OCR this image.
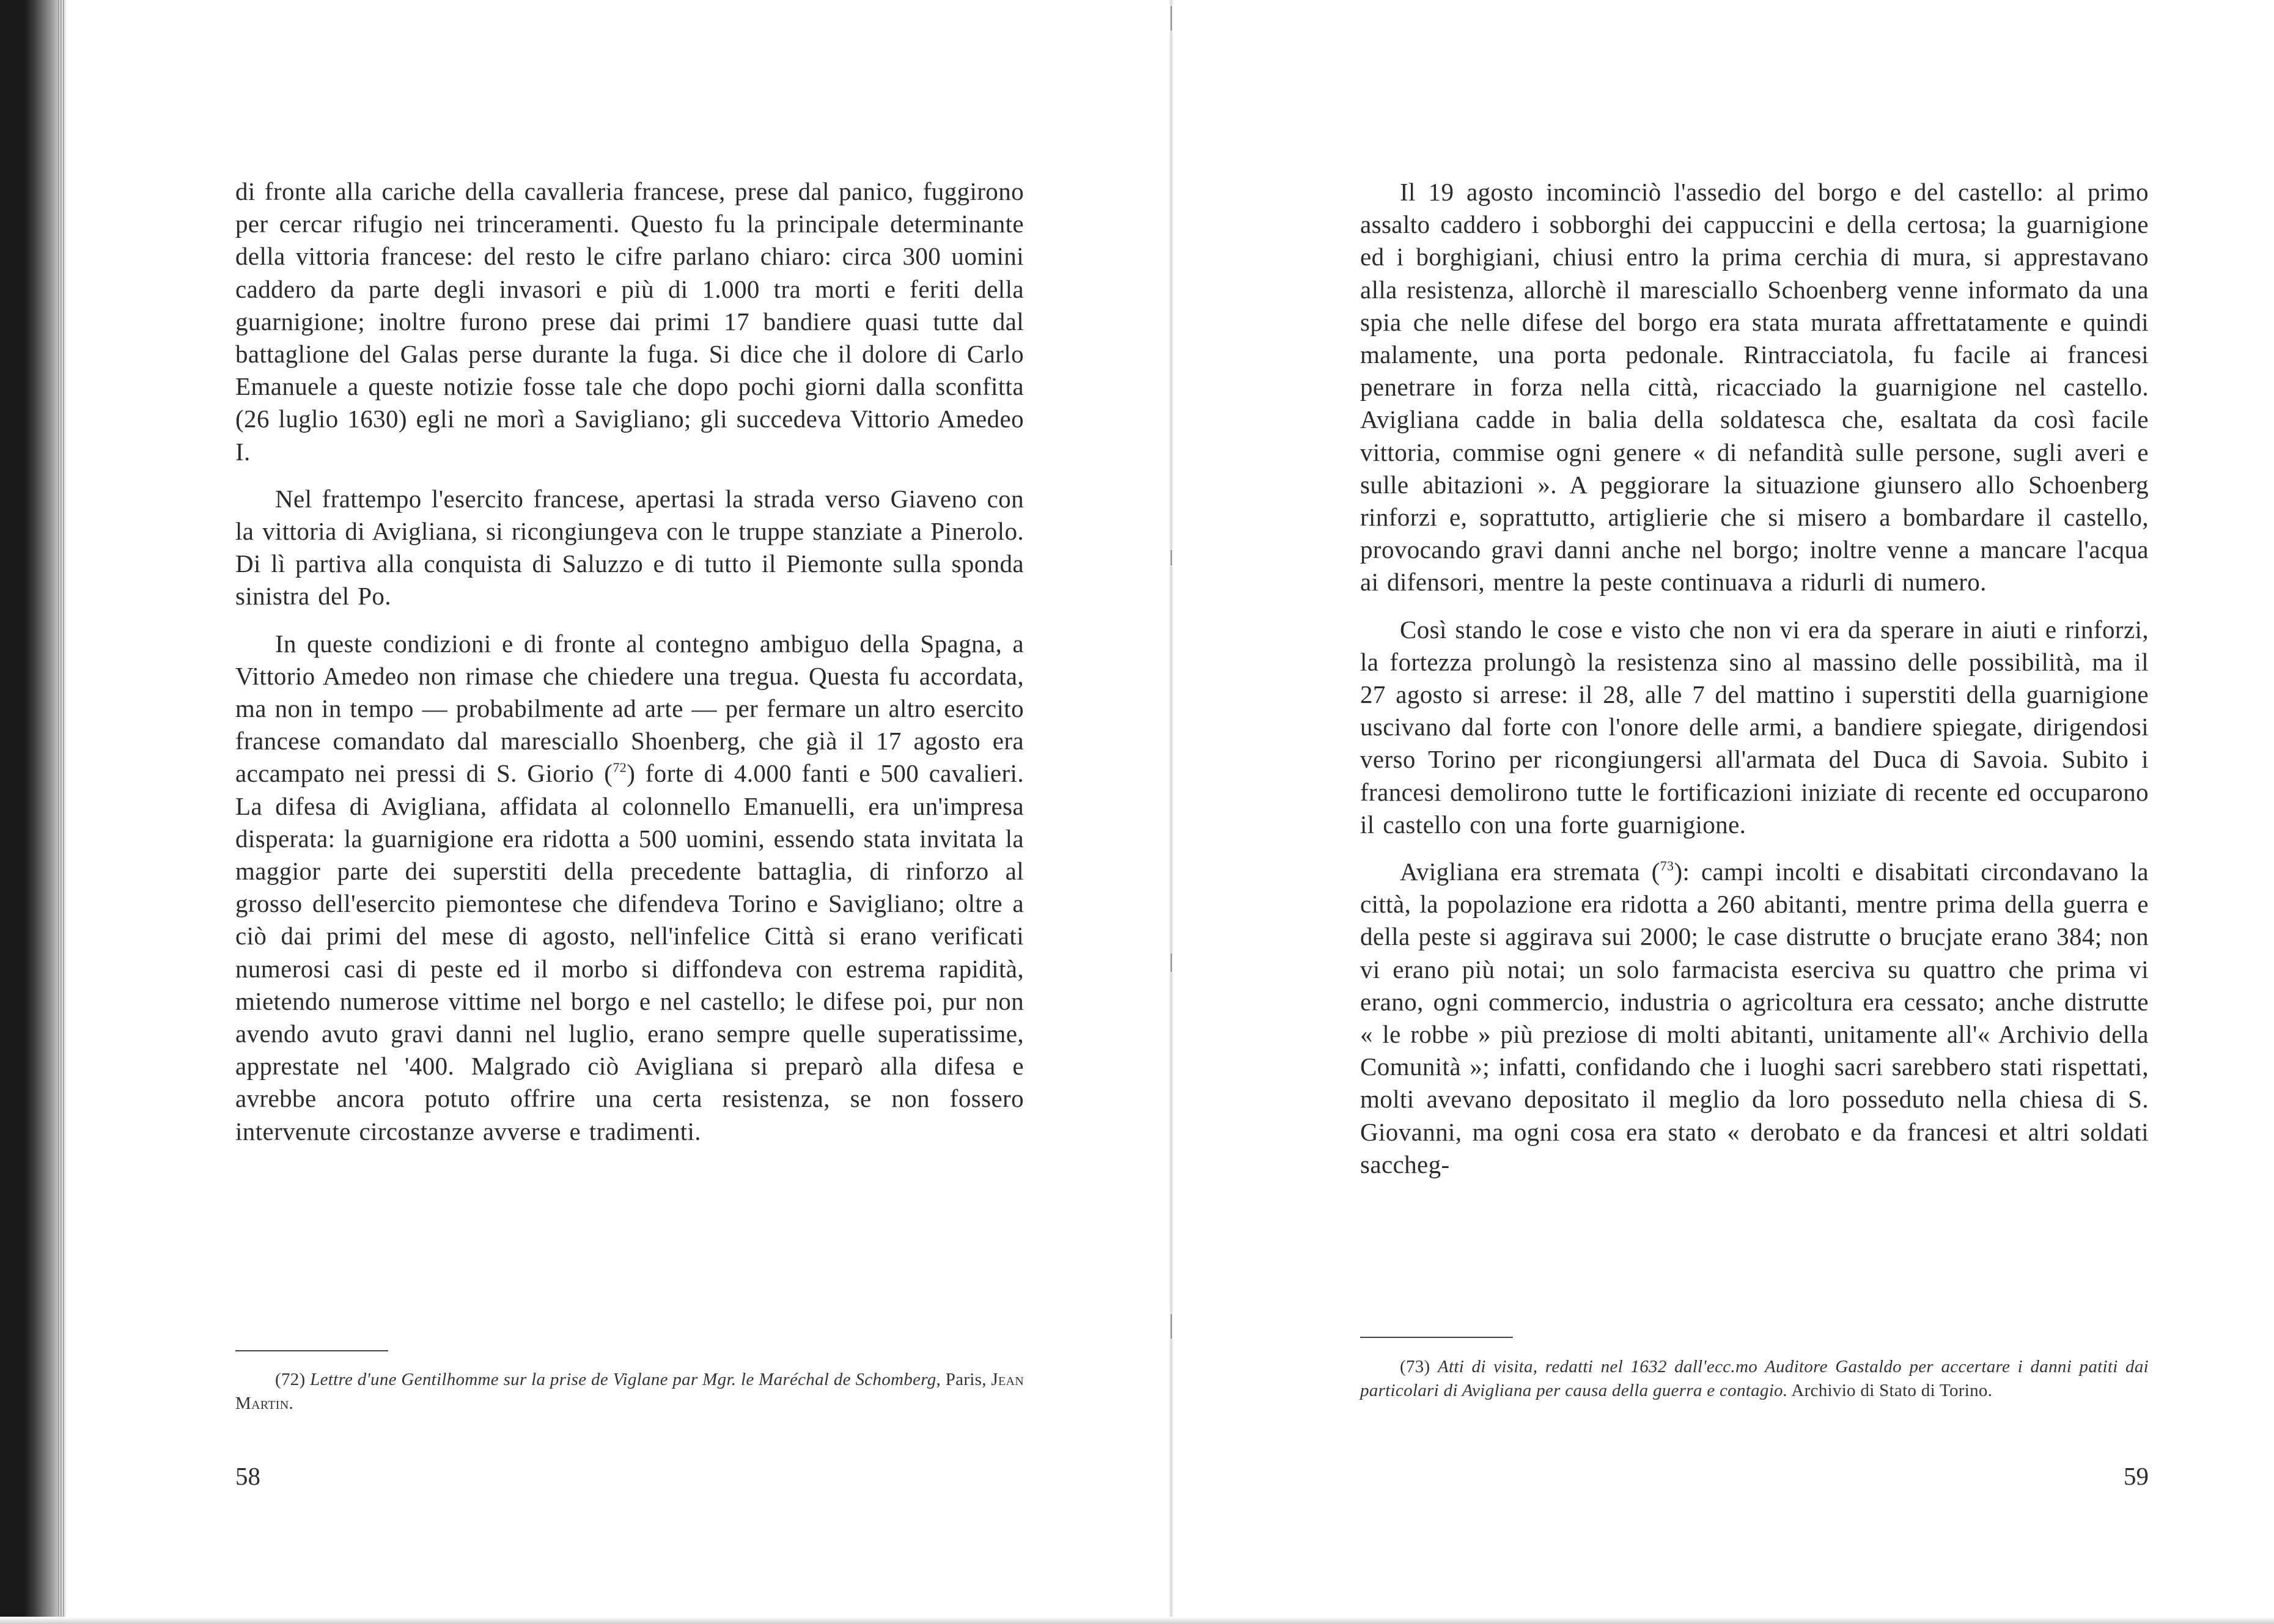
di fronte alla cariche della cavalleria francese, prese dal panico, fuggirono per cercar rifugio nei trinceramenti. Questo fu la principale determinante della vittoria francese: del resto le cifre parlano chiaro: circa 300 uomini caddero da parte degli invasori e più di 1.000 tra morti e feriti della guarnigione; inoltre furono prese dai primi 17 bandiere quasi tutte dal battaglione del Galas perse durante la fuga. Si dice che il dolore di Carlo Emanuele a queste notizie fosse tale che dopo pochi giorni dalla sconfitta (26 luglio 1630) egli ne morì a Savigliano; gli succedeva Vittorio Amedeo I.

Nel frattempo l'esercito francese, apertasi la strada verso Giaveno con la vittoria di Avigliana, si ricongiungeva con le truppe stanziate a Pinerolo. Di lì partiva alla conquista di Saluzzo e di tutto il Piemonte sulla sponda sinistra del Po.

In queste condizioni e di fronte al contegno ambiguo della Spagna, a Vittorio Amedeo non rimase che chiedere una tregua. Questa fu accordata, ma non in tempo — probabilmente ad arte — per fermare un altro esercito francese comandato dal maresciallo Shoenberg, che già il 17 agosto era accampato nei pressi di S. Giorio ($^{72}$) forte di 4.000 fanti e 500 cavalieri. La difesa di Avigliana, affidata al colonnello Emanuelli, era un'impresa disperata: la guarnigione era ridotta a 500 uomini, essendo stata invitata la maggior parte dei superstiti della precedente battaglia, di rinforzo al grosso dell'esercito piemontese che difendeva Torino e Savigliano; oltre a ciò dai primi del mese di agosto, nell'infelice Città si erano verificati numerosi casi di peste ed il morbo si diffondeva con estrema rapidità, mietendo numerose vittime nel borgo e nel castello; le difese poi, pur non avendo avuto gravi danni nel luglio, erano sempre quelle superatissime, apprestate nel '400. Malgrado ciò Avigliana si preparò alla difesa e avrebbe ancora potuto offrire una certa resistenza, se non fossero intervenute circostanze avverse e tradimenti.

(72) Lettre d'une Gentilhomme sur la prise de Viglane par Mgr. le Maréchal de Schomberg, Paris, Jean Martin.
58

Il 19 agosto incominciò l'assedio del borgo e del castello: al primo assalto caddero i sobborghi dei cappuccini e della certosa; la guarnigione ed i borghigiani, chiusi entro la prima cerchia di mura, si apprestavano alla resistenza, allorchè il maresciallo Schoenberg venne informato da una spia che nelle difese del borgo era stata murata affrettatamente e quindi malamente, una porta pedonale. Rintracciatola, fu facile ai francesi penetrare in forza nella città, ricacciado la guarnigione nel castello. Avigliana cadde in balia della soldatesca che, esaltata da così facile vittoria, commise ogni genere « di nefandità sulle persone, sugli averi e sulle abitazioni ». A peggiorare la situazione giunsero allo Schoenberg rinforzi e, soprattutto, artiglierie che si misero a bombardare il castello, provocando gravi danni anche nel borgo; inoltre venne a mancare l'acqua ai difensori, mentre la peste continuava a ridurli di numero.

Così stando le cose e visto che non vi era da sperare in aiuti e rinforzi, la fortezza prolungò la resistenza sino al massino delle possibilità, ma il 27 agosto si arrese: il 28, alle 7 del mattino i superstiti della guarnigione uscivano dal forte con l'onore delle armi, a bandiere spiegate, dirigendosi verso Torino per ricongiungersi all'armata del Duca di Savoia. Subito i francesi demolirono tutte le fortificazioni iniziate di recente ed occuparono il castello con una forte guarnigione.

Avigliana era stremata ($^{73}$): campi incolti e disabitati circondavano la città, la popolazione era ridotta a 260 abitanti, mentre prima della guerra e della peste si aggirava sui 2000; le case distrutte o brucjate erano 384; non vi erano più notai; un solo farmacista eserciva su quattro che prima vi erano, ogni commercio, industria o agricoltura era cessato; anche distrutte « le robbe » più preziose di molti abitanti, unitamente all'« Archivio della Comunità »; infatti, confidando che i luoghi sacri sarebbero stati rispettati, molti avevano depositato il meglio da loro posseduto nella chiesa di S. Giovanni, ma ogni cosa era stato « derobato e da francesi et altri soldati saccheg-

(73) Atti di visita, redatti nel 1632 dall'ecc.mo Auditore Gastaldo per accertare i danni patiti dai particolari di Avigliana per causa della guerra e contagio. Archivio di Stato di Torino.
59
